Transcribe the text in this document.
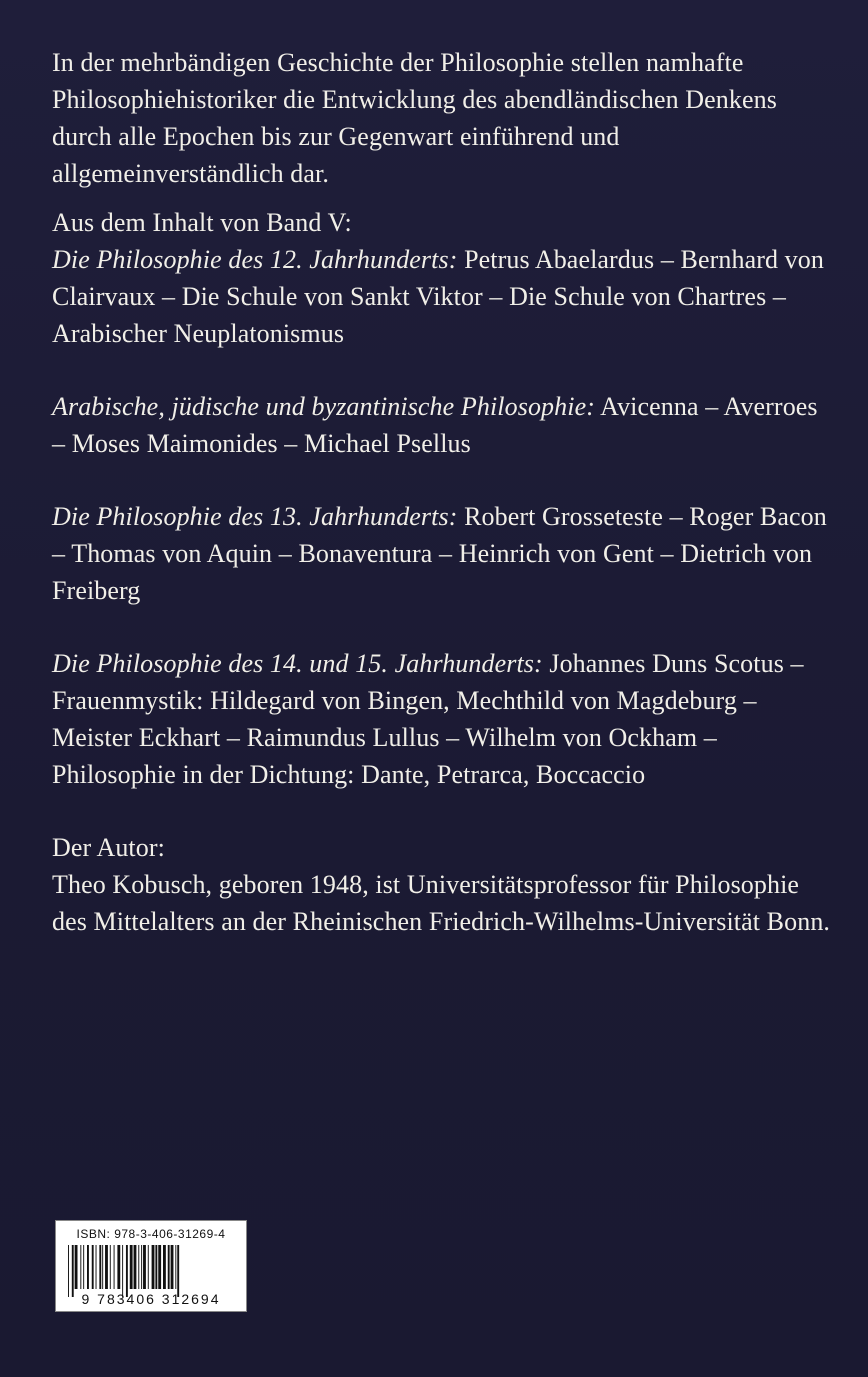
In der mehrbändigen Geschichte der Philosophie stellen namhafte Philosophiehistoriker die Entwicklung des abendländischen Denkens durch alle Epochen bis zur Gegenwart einführend und allgemeinverständlich dar.

Aus dem Inhalt von Band V:

Die Philosophie des 12. Jahrhunderts: Petrus Abaelardus – Bernhard von Clairvaux – Die Schule von Sankt Viktor – Die Schule von Chartres – Arabischer Neuplatonismus

Arabische, jüdische und byzantinische Philosophie: Avicenna – Averroes – Moses Maimonides – Michael Psellus

Die Philosophie des 13. Jahrhunderts: Robert Grosseteste – Roger Bacon – Thomas von Aquin – Bonaventura – Heinrich von Gent – Dietrich von Freiberg

Die Philosophie des 14. und 15. Jahrhunderts: Johannes Duns Scotus – Frauenmystik: Hildegard von Bingen, Mechthild von Magdeburg – Meister Eckhart – Raimundus Lullus – Wilhelm von Ockham – Philosophie in der Dichtung: Dante, Petrarca, Boccaccio

Der Autor:

Theo Kobusch, geboren 1948, ist Universitätsprofessor für Philosophie des Mittelalters an der Rheinischen Friedrich-Wilhelms-Universität Bonn.

ISBN: 978-3-406-31269-4
9 783406 312694
